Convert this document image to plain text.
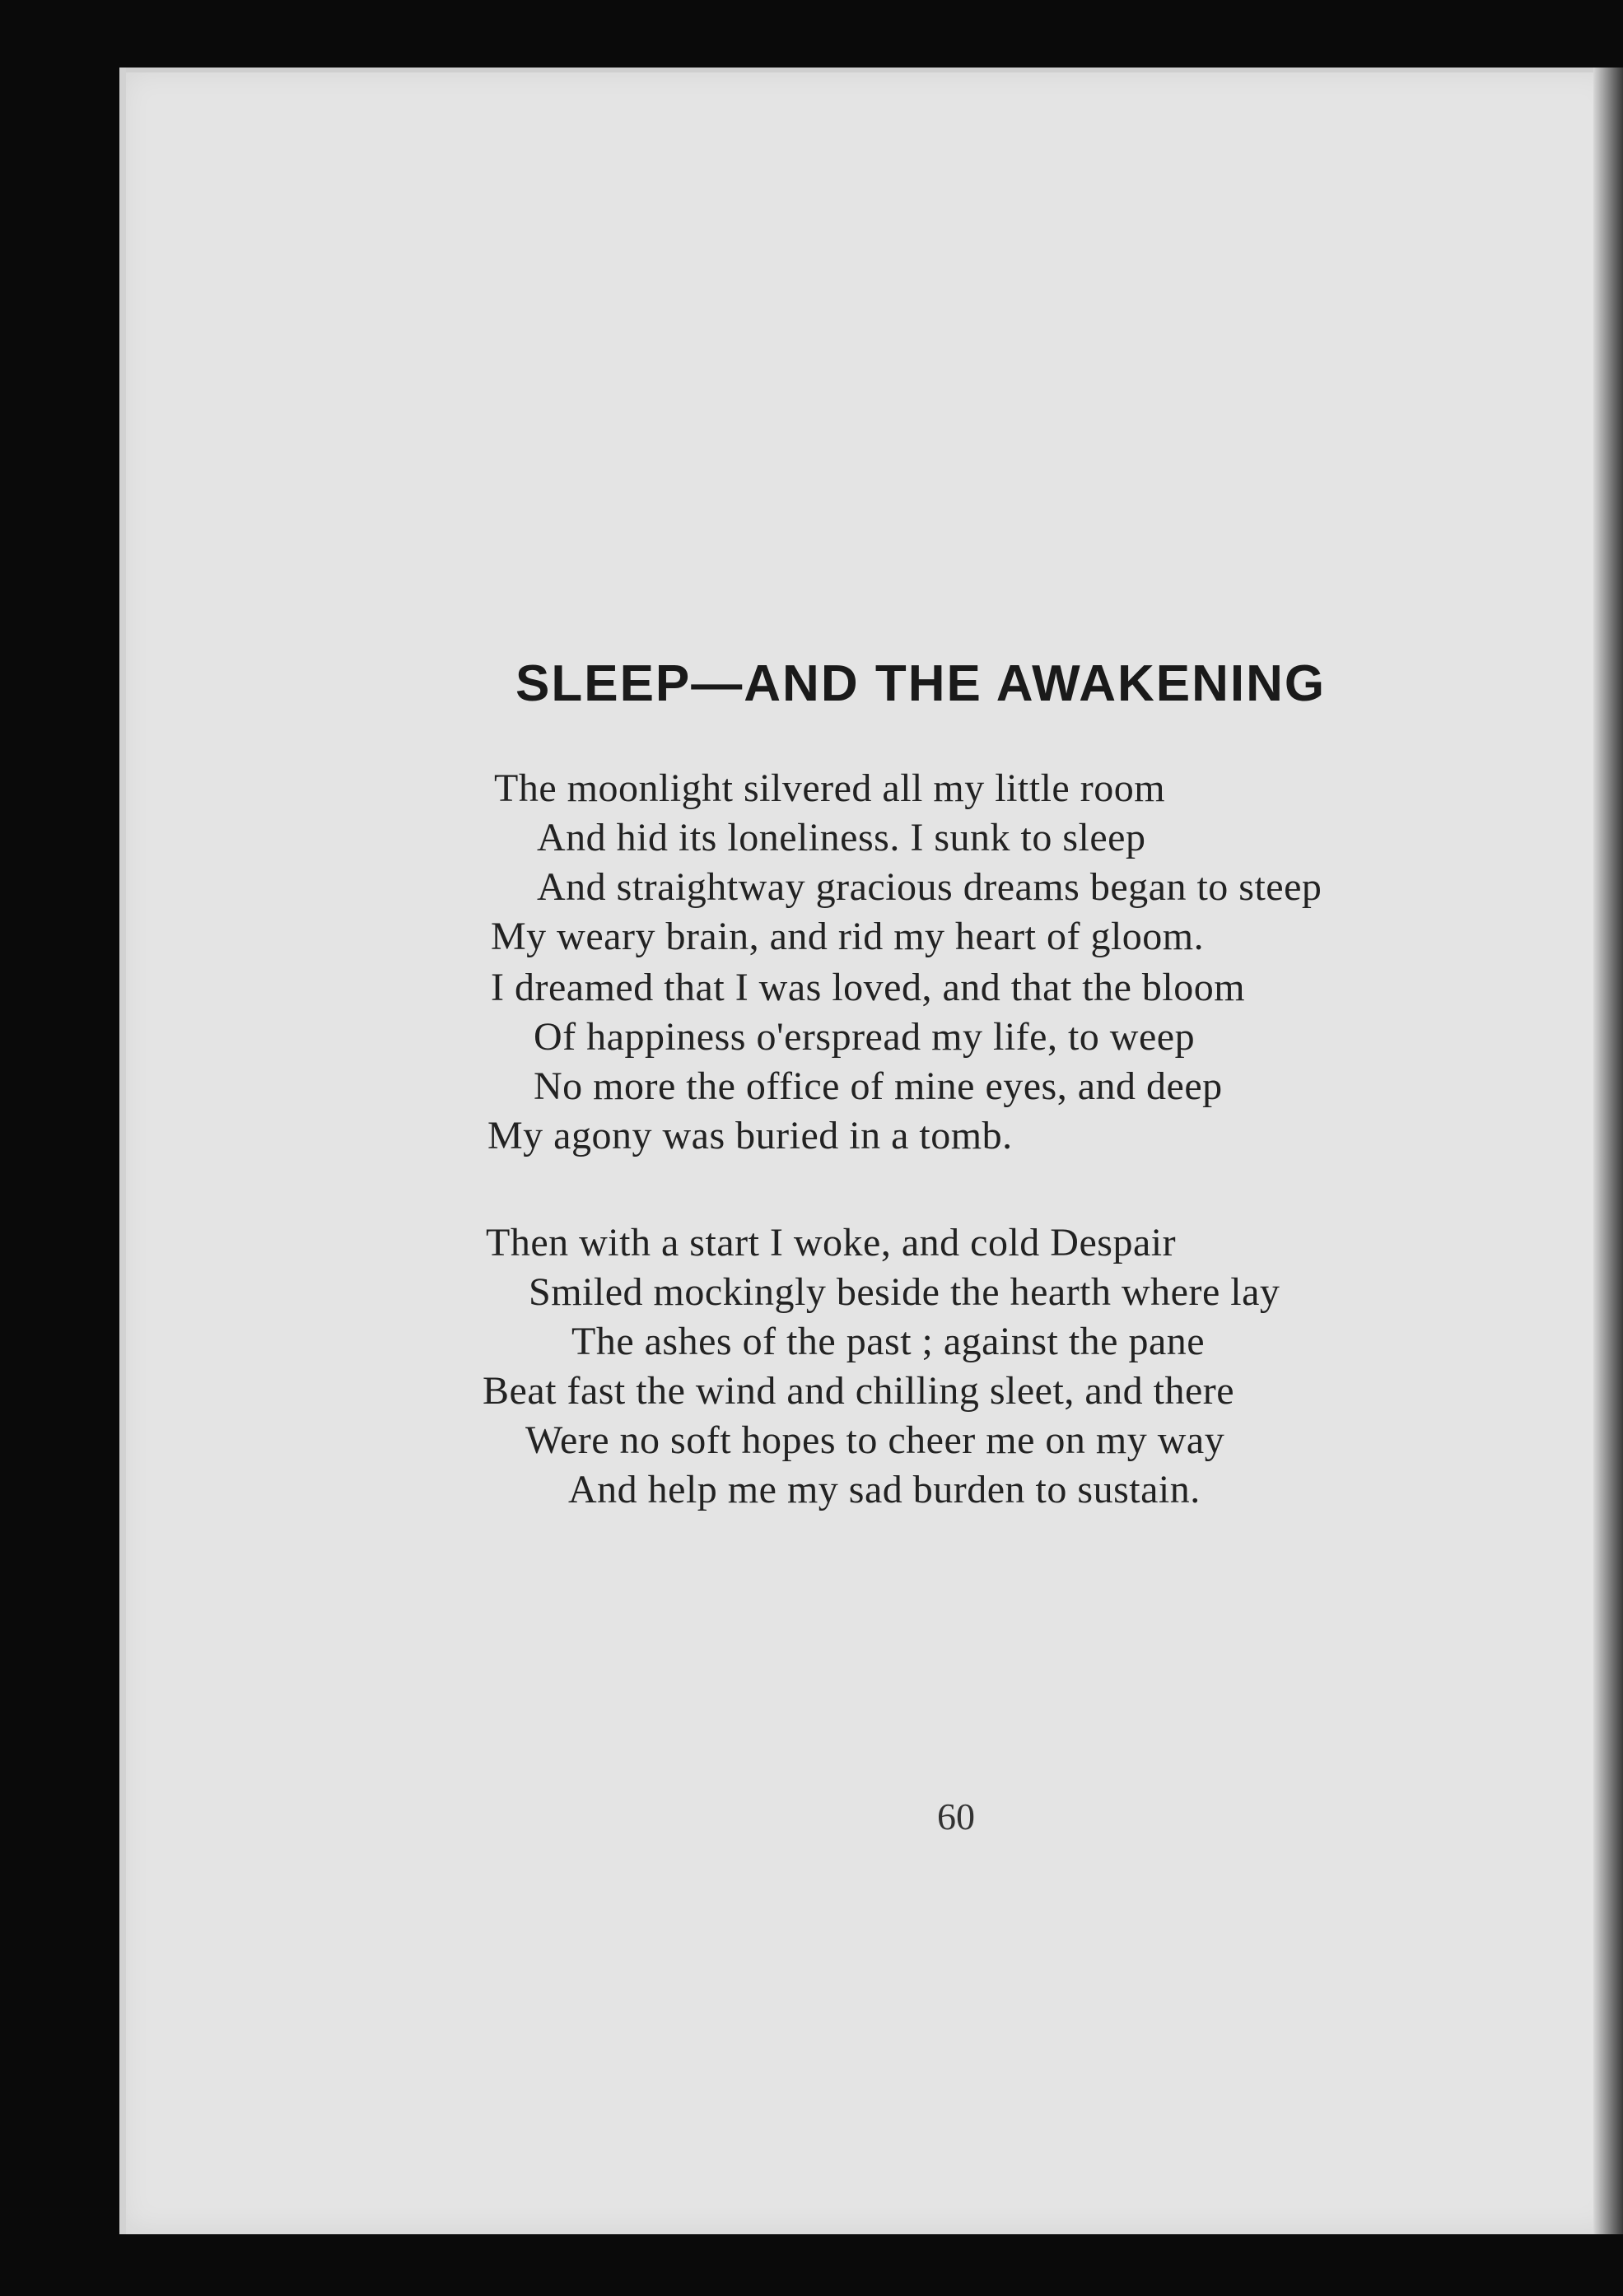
SLEEP—AND THE AWAKENING
The moonlight silvered all my little room
And hid its loneliness. I sunk to sleep
And straightway gracious dreams began to steep
My weary brain, and rid my heart of gloom.
I dreamed that I was loved, and that the bloom
Of happiness o'erspread my life, to weep
No more the office of mine eyes, and deep
My agony was buried in a tomb.
Then with a start I woke, and cold Despair
Smiled mockingly beside the hearth where lay
The ashes of the past ; against the pane
Beat fast the wind and chilling sleet, and there
Were no soft hopes to cheer me on my way
And help me my sad burden to sustain.
60
